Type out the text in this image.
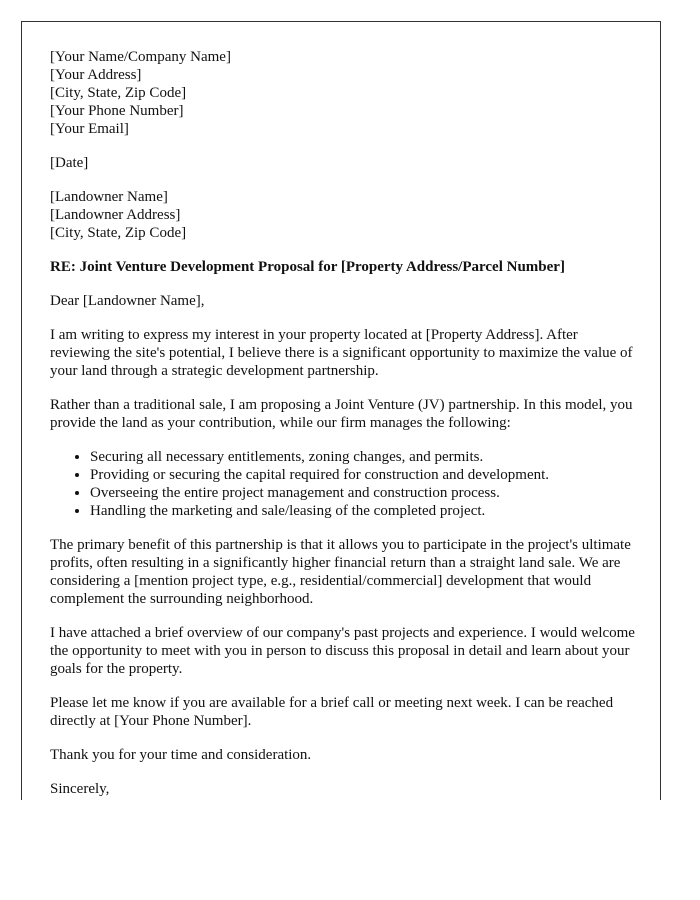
[Your Name/Company Name]
[Your Address]
[City, State, Zip Code]
[Your Phone Number]
[Your Email]
[Date]
[Landowner Name]
[Landowner Address]
[City, State, Zip Code]
RE: Joint Venture Development Proposal for [Property Address/Parcel Number]

Dear [Landowner Name],

I am writing to express my interest in your property located at [Property Address]. After reviewing the site's potential, I believe there is a significant opportunity to maximize the value of your land through a strategic development partnership.

Rather than a traditional sale, I am proposing a Joint Venture (JV) partnership. In this model, you provide the land as your contribution, while our firm manages the following:

• Securing all necessary entitlements, zoning changes, and permits.
• Providing or securing the capital required for construction and development.
• Overseeing the entire project management and construction process.
• Handling the marketing and sale/leasing of the completed project.

The primary benefit of this partnership is that it allows you to participate in the project's ultimate profits, often resulting in a significantly higher financial return than a straight land sale. We are considering a [mention project type, e.g., residential/commercial] development that would complement the surrounding neighborhood.

I have attached a brief overview of our company's past projects and experience. I would welcome the opportunity to meet with you in person to discuss this proposal in detail and learn about your goals for the property.

Please let me know if you are available for a brief call or meeting next week. I can be reached directly at [Your Phone Number].

Thank you for your time and consideration.

Sincerely,
